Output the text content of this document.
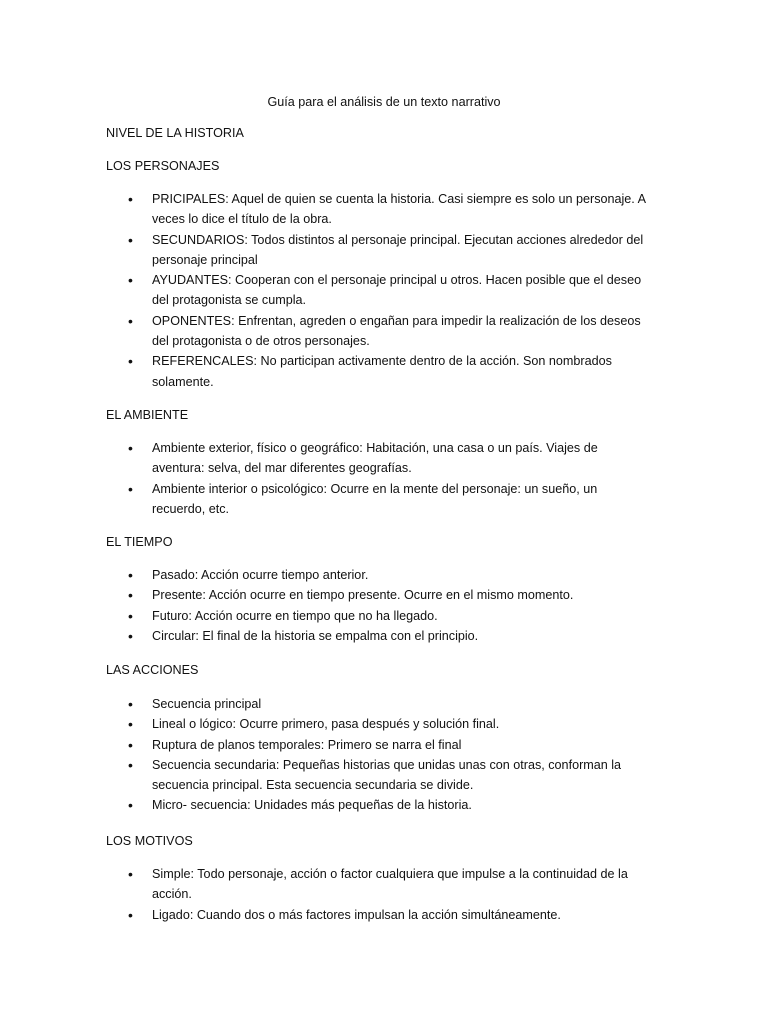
Guía para el análisis de un texto narrativo
NIVEL DE LA HISTORIA
LOS PERSONAJES
• PRICIPALES: Aquel de quien se cuenta la historia. Casi siempre es solo un personaje. A veces lo dice el título de la obra.
• SECUNDARIOS: Todos distintos al personaje principal. Ejecutan acciones alrededor del personaje principal
• AYUDANTES: Cooperan con el personaje principal u otros. Hacen posible que el deseo del protagonista se cumpla.
• OPONENTES: Enfrentan, agreden o engañan para impedir la realización de los deseos del protagonista o de otros personajes.
• REFERENCALES: No participan activamente dentro de la acción. Son nombrados solamente.
EL AMBIENTE
• Ambiente exterior, físico o geográfico: Habitación, una casa o un país. Viajes de aventura: selva, del mar diferentes geografías.
• Ambiente interior o psicológico: Ocurre en la mente del personaje: un sueño, un recuerdo, etc.
EL TIEMPO
• Pasado: Acción ocurre tiempo anterior.
• Presente: Acción ocurre en tiempo presente. Ocurre en el mismo momento.
• Futuro: Acción ocurre en tiempo que no ha llegado.
• Circular: El final de la historia se empalma con el principio.
LAS ACCIONES
• Secuencia principal
• Lineal o lógico: Ocurre primero, pasa después y solución final.
• Ruptura de planos temporales: Primero se narra el final
• Secuencia secundaria: Pequeñas historias que unidas unas con otras, conforman la secuencia principal. Esta secuencia secundaria se divide.
• Micro- secuencia: Unidades más pequeñas de la historia.
LOS MOTIVOS
• Simple: Todo personaje, acción o factor cualquiera que impulse a la continuidad de la acción.
• Ligado: Cuando dos o más factores impulsan la acción simultáneamente.
